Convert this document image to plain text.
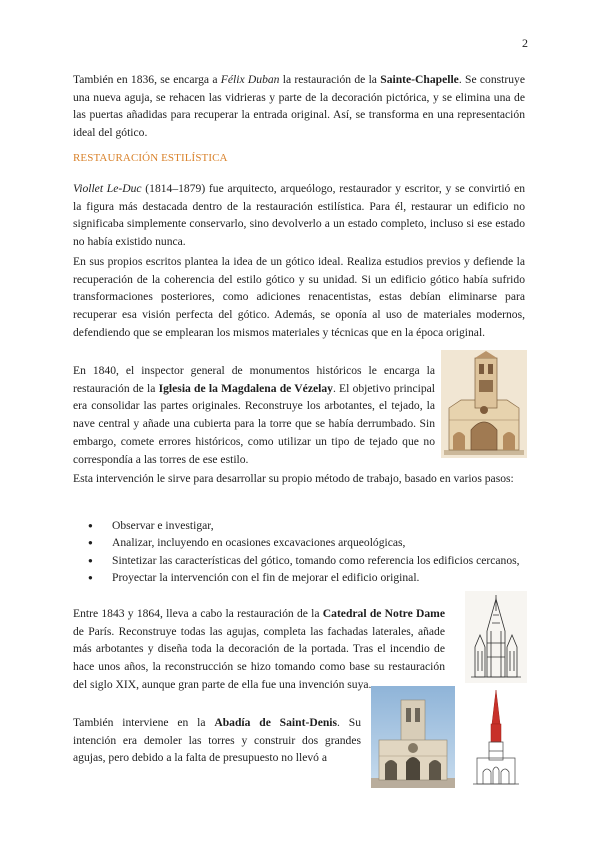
2

También en 1836, se encarga a Félix Duban la restauración de la Sainte-Chapelle. Se construye una nueva aguja, se rehacen las vidrieras y parte de la decoración pictórica, y se elimina una de las puertas añadidas para recuperar la entrada original. Así, se transforma en una representación ideal del gótico.

RESTAURACIÓN ESTILÍSTICA

Viollet Le-Duc (1814–1879) fue arquitecto, arqueólogo, restaurador y escritor, y se convirtió en la figura más destacada dentro de la restauración estilística. Para él, restaurar un edificio no significaba simplemente conservarlo, sino devolverlo a un estado completo, incluso si ese estado no había existido nunca.

En sus propios escritos plantea la idea de un gótico ideal. Realiza estudios previos y defiende la recuperación de la coherencia del estilo gótico y su unidad. Si un edificio gótico había sufrido transformaciones posteriores, como adiciones renacentistas, estas debían eliminarse para recuperar esa visión perfecta del gótico. Además, se oponía al uso de materiales modernos, defendiendo que se emplearan los mismos materiales y técnicas que en la época original.

En 1840, el inspector general de monumentos históricos le encarga la restauración de la Iglesia de la Magdalena de Vézelay. El objetivo principal era consolidar las partes originales. Reconstruye los arbotantes, el tejado, la nave central y añade una cubierta para la torre que se había derrumbado. Sin embargo, comete errores históricos, como utilizar un tipo de tejado que no correspondía a las torres de ese estilo.

Esta intervención le sirve para desarrollar su propio método de trabajo, basado en varios pasos:

● Observar e investigar,
● Analizar, incluyendo en ocasiones excavaciones arqueológicas,
● Sintetizar las características del gótico, tomando como referencia los edificios cercanos,
● Proyectar la intervención con el fin de mejorar el edificio original.

Entre 1843 y 1864, lleva a cabo la restauración de la Catedral de Notre Dame de París. Reconstruye todas las agujas, completa las fachadas laterales, añade más arbotantes y diseña toda la decoración de la portada. Tras el incendio de hace unos años, la reconstrucción se hizo tomando como base su restauración del siglo XIX, aunque gran parte de ella fue una invención suya.

También interviene en la Abadía de Saint-Denis. Su intención era demoler las torres y construir dos grandes agujas, pero debido a la falta de presupuesto no llevó a
